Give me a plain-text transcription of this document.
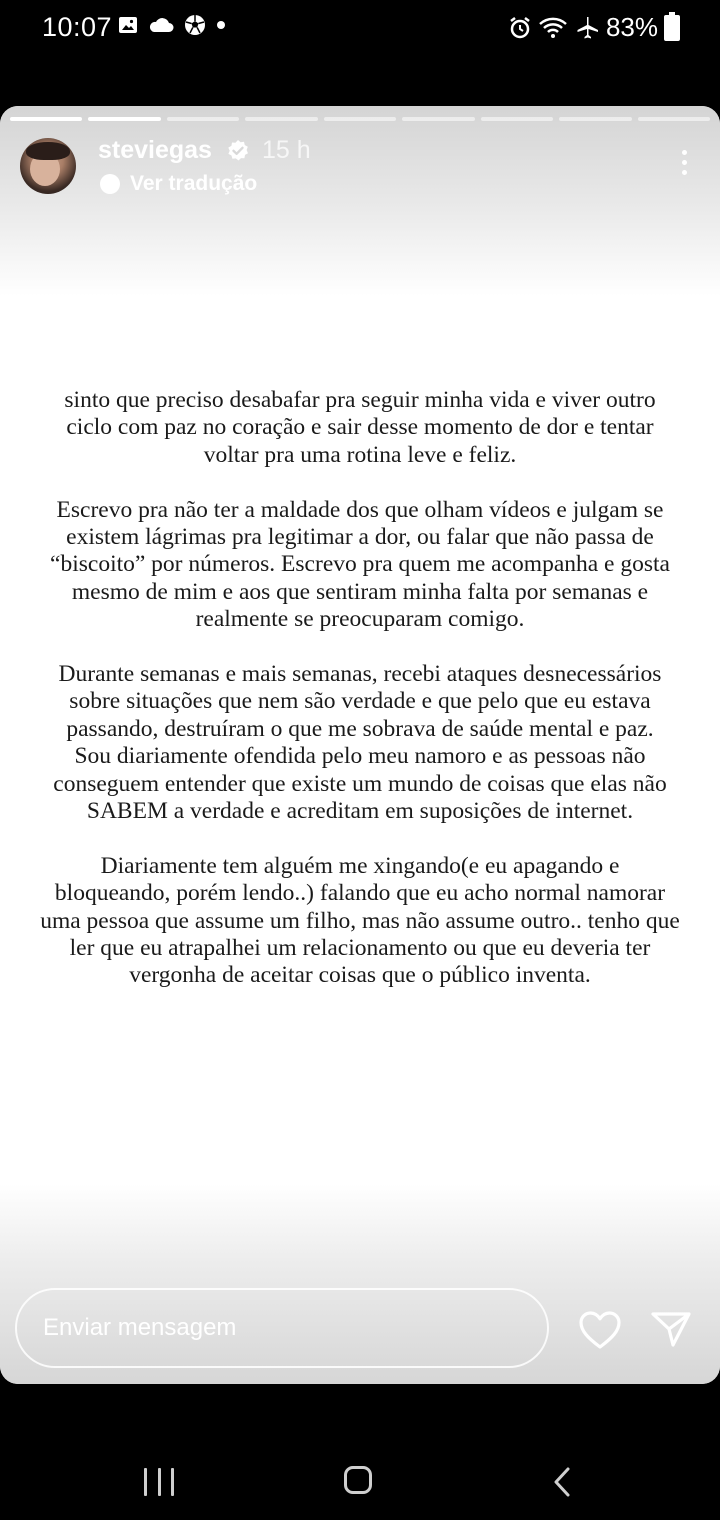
10:07	83%
steviegas 15 h
Ver tradução

sinto que preciso desabafar pra seguir minha vida e viver outro ciclo com paz no coração e sair desse momento de dor e tentar voltar pra uma rotina leve e feliz.

Escrevo pra não ter a maldade dos que olham vídeos e julgam se existem lágrimas pra legitimar a dor, ou falar que não passa de “biscoito” por números. Escrevo pra quem me acompanha e gosta mesmo de mim e aos que sentiram minha falta por semanas e realmente se preocuparam comigo.

Durante semanas e mais semanas, recebi ataques desnecessários sobre situações que nem são verdade e que pelo que eu estava passando, destruíram o que me sobrava de saúde mental e paz.

Sou diariamente ofendida pelo meu namoro e as pessoas não conseguem entender que existe um mundo de coisas que elas não SABEM a verdade e acreditam em suposições de internet.

Diariamente tem alguém me xingando(e eu apagando e bloqueando, porém lendo..) falando que eu acho normal namorar uma pessoa que assume um filho, mas não assume outro.. tenho que ler que eu atrapalhei um relacionamento ou que eu deveria ter vergonha de aceitar coisas que o público inventa.

Enviar mensagem
